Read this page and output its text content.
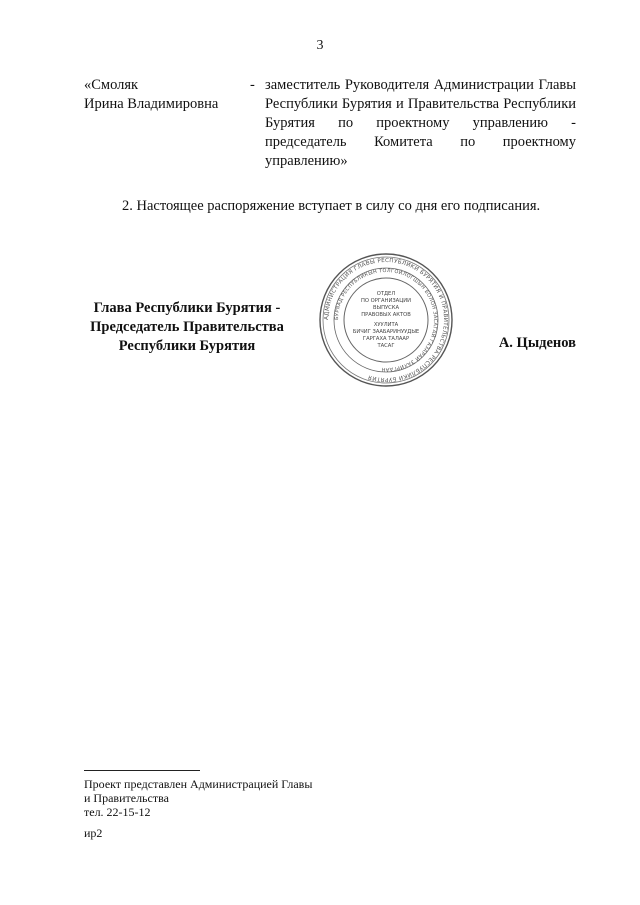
3
«Смоляк
Ирина Владимировна
- заместитель Руководителя Администрации Главы Республики Бурятия и Правительства Республики Бурятия по проектному управлению - председатель Комитета по проектному управлению»
2. Настоящее распоряжение вступает в силу со дня его подписания.
Глава Республики Бурятия -
Председатель Правительства
Республики Бурятия	А. Цыденов
АДМИНИСТРАЦИЯ ГЛАВЫ РЕСПУБЛИКИ БУРЯТИЯ И ПРАВИТЕЛЬСТВА РЕСПУБЛИКИ БУРЯТИЯ
БУРЯАД РЕСПУБЛИКЫН ТОЛГОЙЛОГШЫН БОЛОН ЗАСАГАЙ ГАЗАРАЙ ЗАХИРГААН
ОТДЕЛ
ПО ОРГАНИЗАЦИИ
ВЫПУСКА
ПРАВОВЫХ АКТОВ
ХУУЛИТА
БИЧИГ ЗААБАРИНУУДЫЕ
ГАРГАХА ТАЛААР
ТАСАГ
Проект представлен Администрацией Главы
и Правительства
тел. 22-15-12
ир2
